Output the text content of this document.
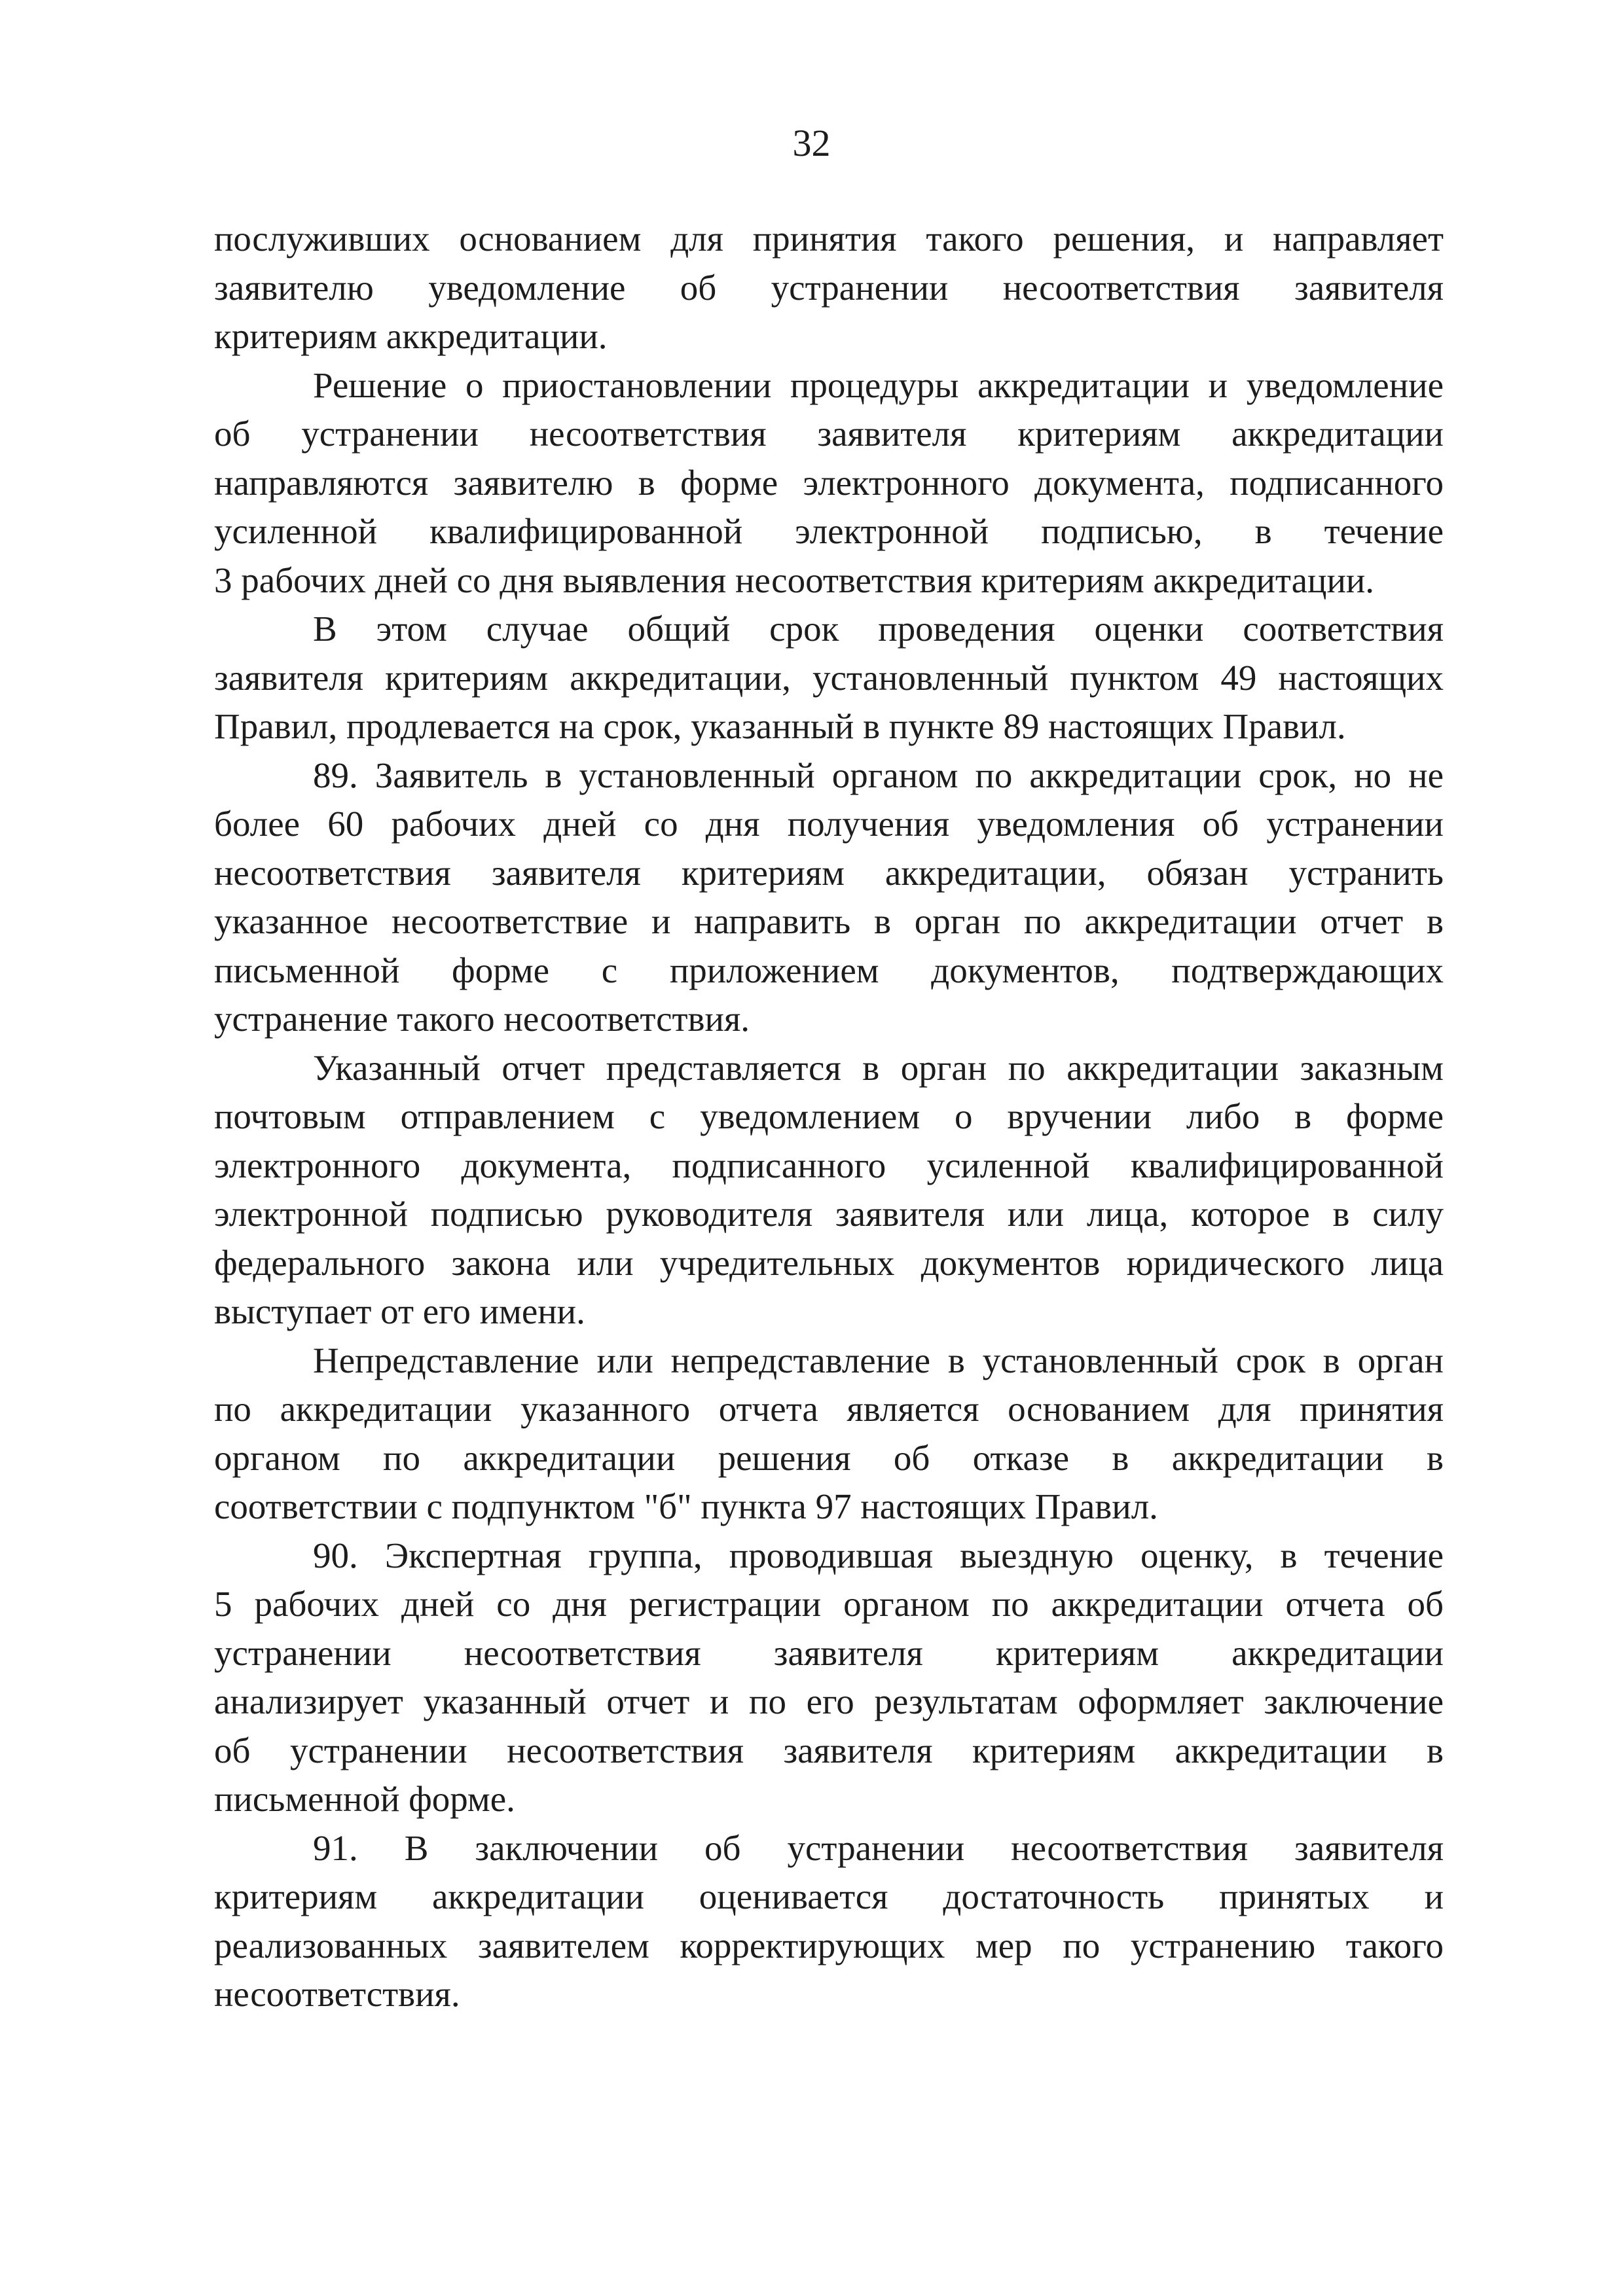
32

послуживших основанием для принятия такого решения, и направляет

заявителю уведомление об устранении несоответствия заявителя

критериям аккредитации.

Решение о приостановлении процедуры аккредитации и уведомление

об устранении несоответствия заявителя критериям аккредитации

направляются заявителю в форме электронного документа, подписанного

усиленной квалифицированной электронной подписью, в течение

3 рабочих дней со дня выявления несоответствия критериям аккредитации.

В этом случае общий срок проведения оценки соответствия

заявителя критериям аккредитации, установленный пунктом 49 настоящих

Правил, продлевается на срок, указанный в пункте 89 настоящих Правил.

89. Заявитель в установленный органом по аккредитации срок, но не

более 60 рабочих дней со дня получения уведомления об устранении

несоответствия заявителя критериям аккредитации, обязан устранить

указанное несоответствие и направить в орган по аккредитации отчет в

письменной форме с приложением документов, подтверждающих

устранение такого несоответствия.

Указанный отчет представляется в орган по аккредитации заказным

почтовым отправлением с уведомлением о вручении либо в форме

электронного документа, подписанного усиленной квалифицированной

электронной подписью руководителя заявителя или лица, которое в силу

федерального закона или учредительных документов юридического лица

выступает от его имени.

Непредставление или непредставление в установленный срок в орган

по аккредитации указанного отчета является основанием для принятия

органом по аккредитации решения об отказе в аккредитации в

соответствии с подпунктом "б" пункта 97 настоящих Правил.

90. Экспертная группа, проводившая выездную оценку, в течение

5 рабочих дней со дня регистрации органом по аккредитации отчета об

устранении несоответствия заявителя критериям аккредитации

анализирует указанный отчет и по его результатам оформляет заключение

об устранении несоответствия заявителя критериям аккредитации в

письменной форме.

91. В заключении об устранении несоответствия заявителя

критериям аккредитации оценивается достаточность принятых и

реализованных заявителем корректирующих мер по устранению такого

несоответствия.
